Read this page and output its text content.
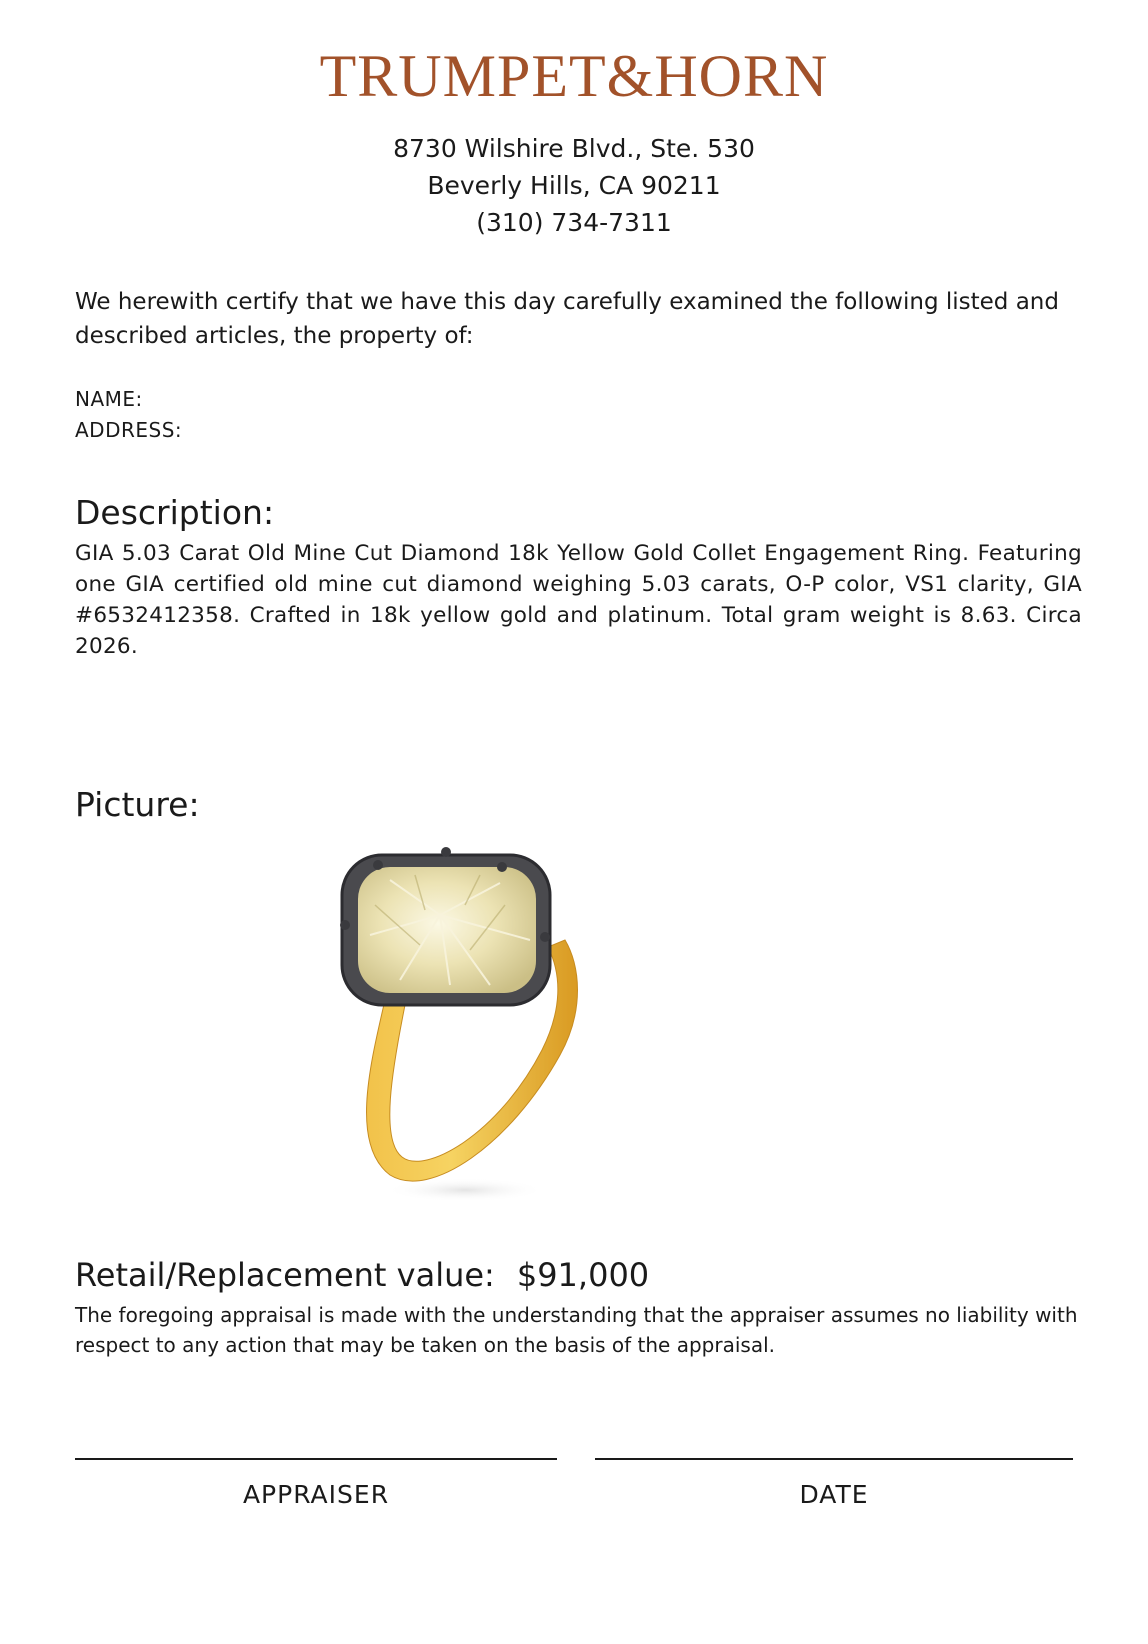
TRUMPET&HORN
8730 Wilshire Blvd., Ste. 530
Beverly Hills, CA 90211
(310) 734-7311
We herewith certify that we have this day carefully examined the following listed and described articles, the property of:
NAME:
ADDRESS:
Description:
GIA 5.03 Carat Old Mine Cut Diamond 18k Yellow Gold Collet Engagement Ring. Featuring one GIA certified old mine cut diamond weighing 5.03 carats, O-P color, VS1 clarity, GIA #6532412358. Crafted in 18k yellow gold and platinum. Total gram weight is 8.63. Circa 2026.
Picture:
Retail/Replacement value: $91,000
The foregoing appraisal is made with the understanding that the appraiser assumes no liability with respect to any action that may be taken on the basis of the appraisal.
APPRAISER	DATE
